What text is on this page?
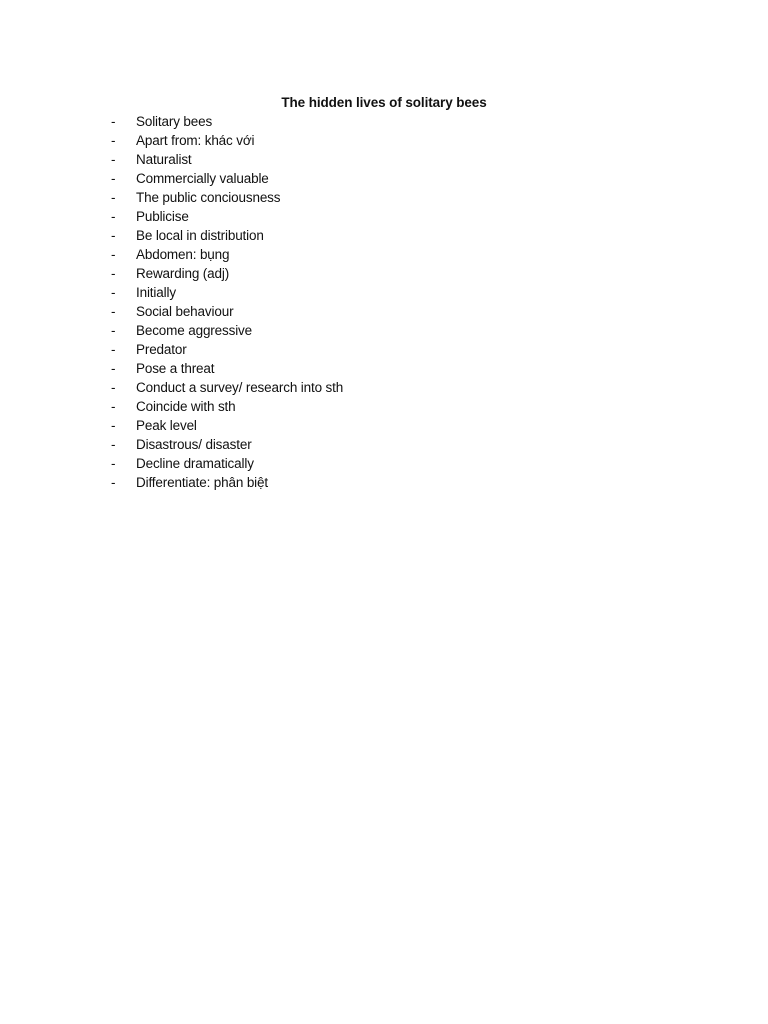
The hidden lives of solitary bees
-	Solitary bees
-	Apart from: khác với
-	Naturalist
-	Commercially valuable
-	The public conciousness
-	Publicise
-	Be local in distribution
-	Abdomen: bụng
-	Rewarding (adj)
-	Initially
-	Social behaviour
-	Become aggressive
-	Predator
-	Pose a threat
-	Conduct a survey/ research into sth
-	Coincide with sth
-	Peak level
-	Disastrous/ disaster
-	Decline dramatically
-	Differentiate: phân biệt
